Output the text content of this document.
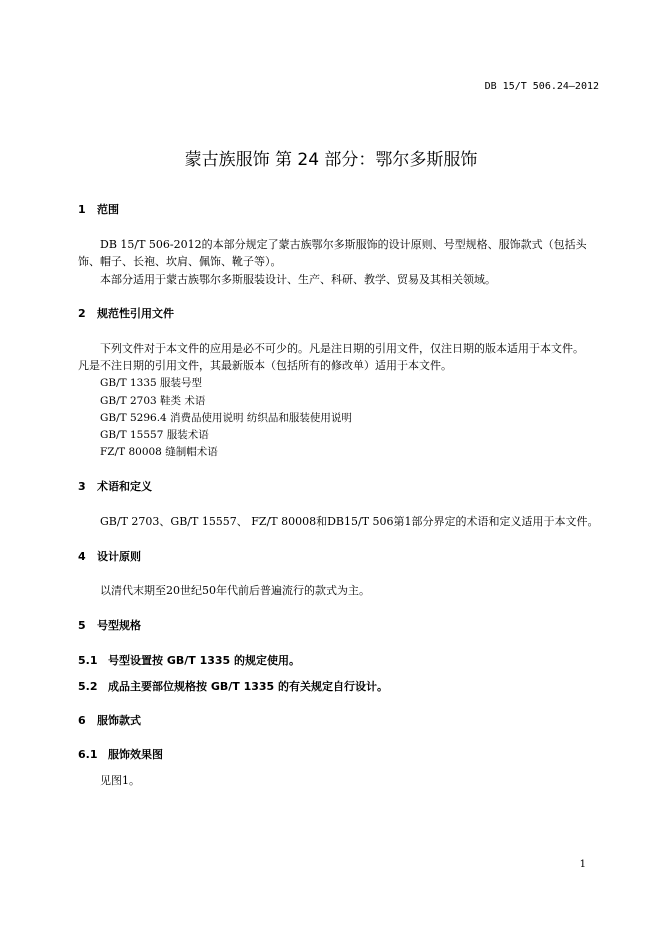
DB 15/T 506.24—2012
蒙古族服饰 第 24 部分：鄂尔多斯服饰
1 范围
DB 15/T 506-2012的本部分规定了蒙古族鄂尔多斯服饰的设计原则、号型规格、服饰款式（包括头
饰、帽子、长袍、坎肩、佩饰、靴子等）。
本部分适用于蒙古族鄂尔多斯服装设计、生产、科研、教学、贸易及其相关领域。
2 规范性引用文件
下列文件对于本文件的应用是必不可少的。凡是注日期的引用文件，仅注日期的版本适用于本文件。
凡是不注日期的引用文件，其最新版本（包括所有的修改单）适用于本文件。
GB/T 1335 服装号型
GB/T 2703 鞋类 术语
GB/T 5296.4 消费品使用说明 纺织品和服装使用说明
GB/T 15557 服装术语
FZ/T 80008 缝制帽术语
3 术语和定义
GB/T 2703、GB/T 15557、 FZ/T 80008和DB15/T 506第1部分界定的术语和定义适用于本文件。
4 设计原则
以清代末期至20世纪50年代前后普遍流行的款式为主。
5 号型规格
5.1 号型设置按 GB/T 1335 的规定使用。
5.2 成品主要部位规格按 GB/T 1335 的有关规定自行设计。
6 服饰款式
6.1 服饰效果图
见图1。
1
